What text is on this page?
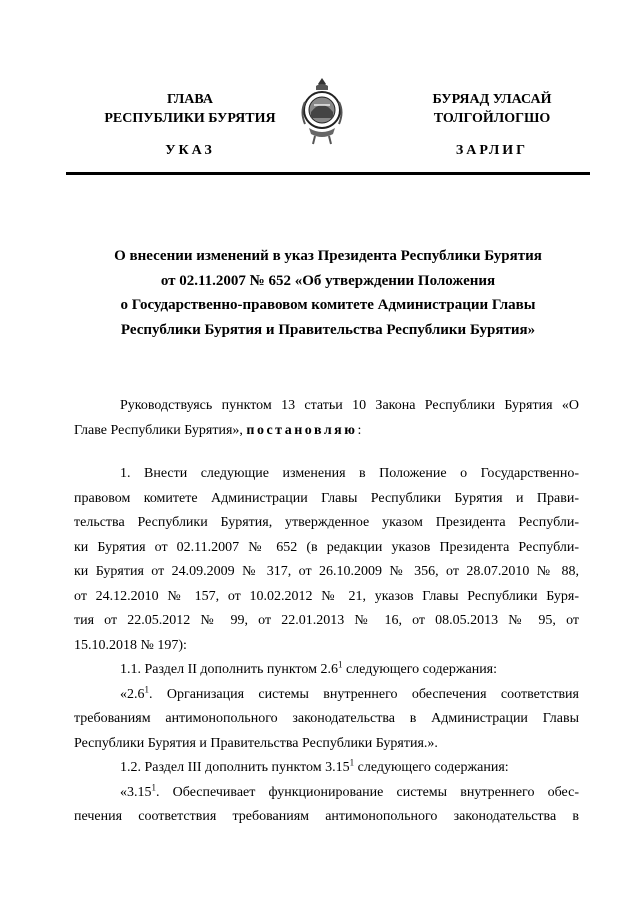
ГЛАВА
РЕСПУБЛИКИ БУРЯТИЯ
УКАЗ
БУРЯАД УЛАСАЙ
ТОЛГОЙЛОГШО
ЗАРЛИГ
О внесении изменений в указ Президента Республики Бурятия
от 02.11.2007 № 652 «Об утверждении Положения
о Государственно-правовом комитете Администрации Главы
Республики Бурятия и Правительства Республики Бурятия»
Руководствуясь пунктом 13 статьи 10 Закона Республики Бурятия «О
Главе Республики Бурятия», постановляю:
1. Внести следующие изменения в Положение о Государственно-
правовом комитете Администрации Главы Республики Бурятия и Прави-
тельства Республики Бурятия, утвержденное указом Президента Республи-
ки Бурятия от 02.11.2007 № 652 (в редакции указов Президента Республи-
ки Бурятия от 24.09.2009 № 317, от 26.10.2009 № 356, от 28.07.2010 № 88,
от 24.12.2010 № 157, от 10.02.2012 № 21, указов Главы Республики Буря-
тия от 22.05.2012 № 99, от 22.01.2013 № 16, от 08.05.2013 № 95, от
15.10.2018 № 197):
1.1. Раздел II дополнить пунктом $2.6^1$ следующего содержания:
«$2.6^1$. Организация системы внутреннего обеспечения соответствия
требованиям антимонопольного законодательства в Администрации Главы
Республики Бурятия и Правительства Республики Бурятия.».
1.2. Раздел III дополнить пунктом 3.15$^1$ следующего содержания:
«3.15$^1$. Обеспечивает функционирование системы внутреннего обес-
печения соответствия требованиям антимонопольного законодательства в
